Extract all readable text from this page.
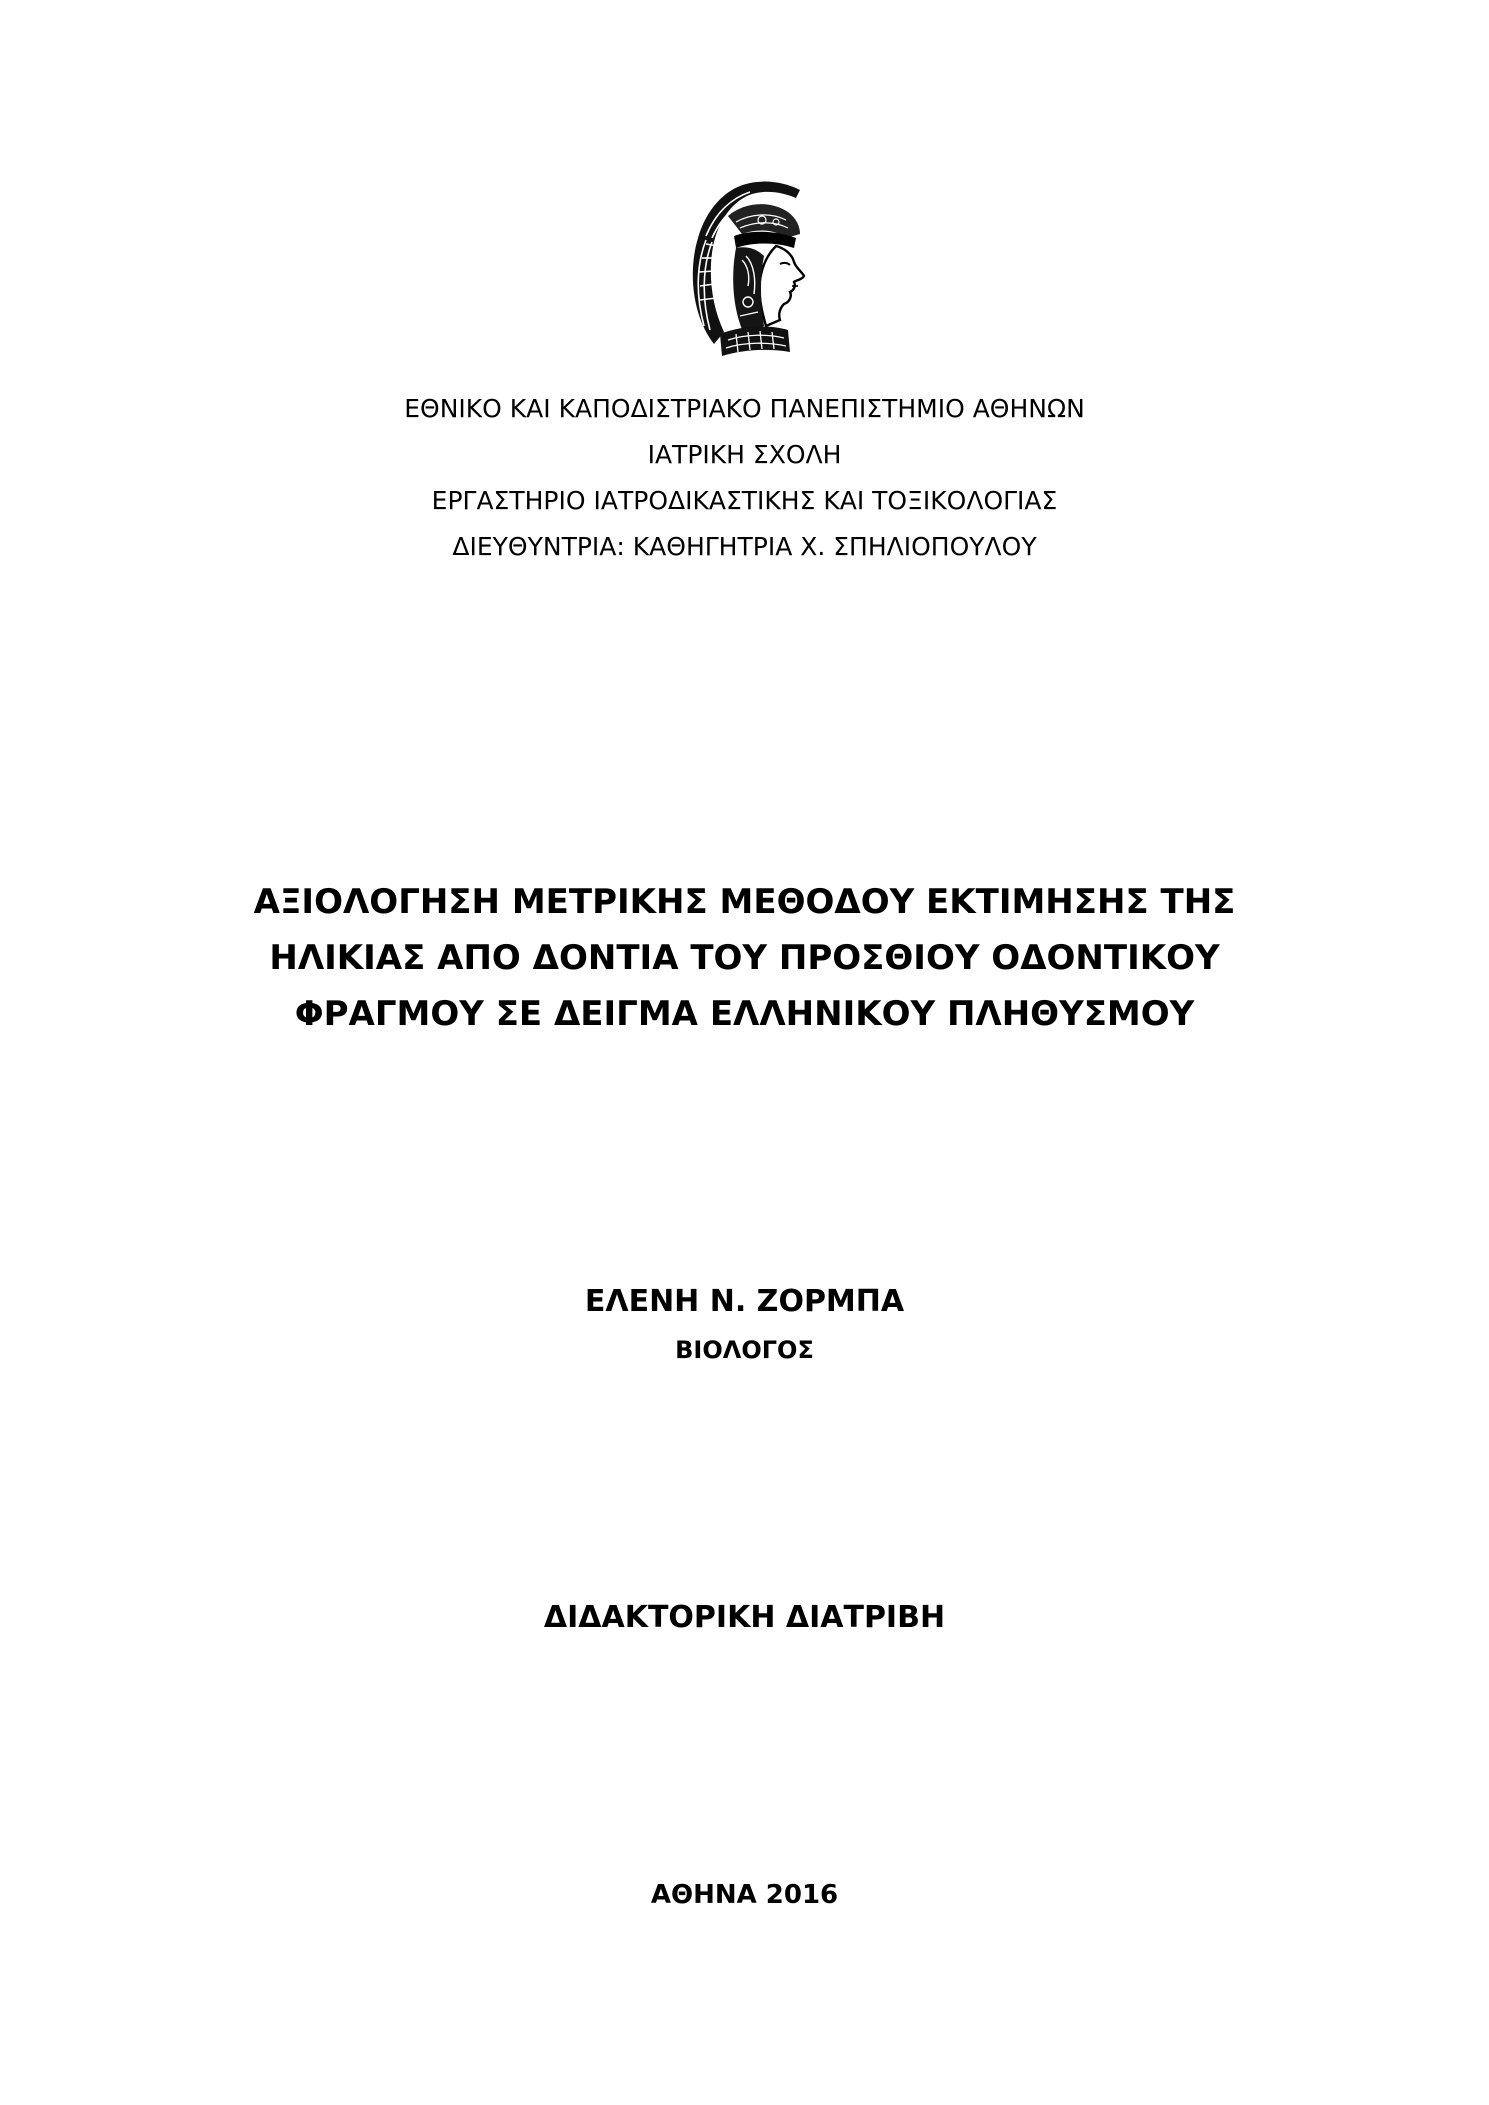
ΕΘΝΙΚΟ ΚΑΙ ΚΑΠΟΔΙΣΤΡΙΑΚΟ ΠΑΝΕΠΙΣΤΗΜΙΟ ΑΘΗΝΩΝ
ΙΑΤΡΙΚΗ ΣΧΟΛΗ
ΕΡΓΑΣΤΗΡΙΟ ΙΑΤΡΟΔΙΚΑΣΤΙΚΗΣ ΚΑΙ ΤΟΞΙΚΟΛΟΓΙΑΣ
ΔΙΕΥΘΥΝΤΡΙΑ: ΚΑΘΗΓΗΤΡΙΑ Χ. ΣΠΗΛΙΟΠΟΥΛΟΥ
ΑΞΙΟΛΟΓΗΣΗ ΜΕΤΡΙΚΗΣ ΜΕΘΟΔΟΥ ΕΚΤΙΜΗΣΗΣ ΤΗΣ
ΗΛΙΚΙΑΣ ΑΠΟ ΔΟΝΤΙΑ ΤΟΥ ΠΡΟΣΘΙΟΥ ΟΔΟΝΤΙΚΟΥ
ΦΡΑΓΜΟΥ ΣΕ ΔΕΙΓΜΑ ΕΛΛΗΝΙΚΟΥ ΠΛΗΘΥΣΜΟΥ
ΕΛΕΝΗ Ν. ΖΟΡΜΠΑ
ΒΙΟΛΟΓΟΣ
ΔΙΔΑΚΤΟΡΙΚΗ ΔΙΑΤΡΙΒΗ
ΑΘΗΝΑ 2016
